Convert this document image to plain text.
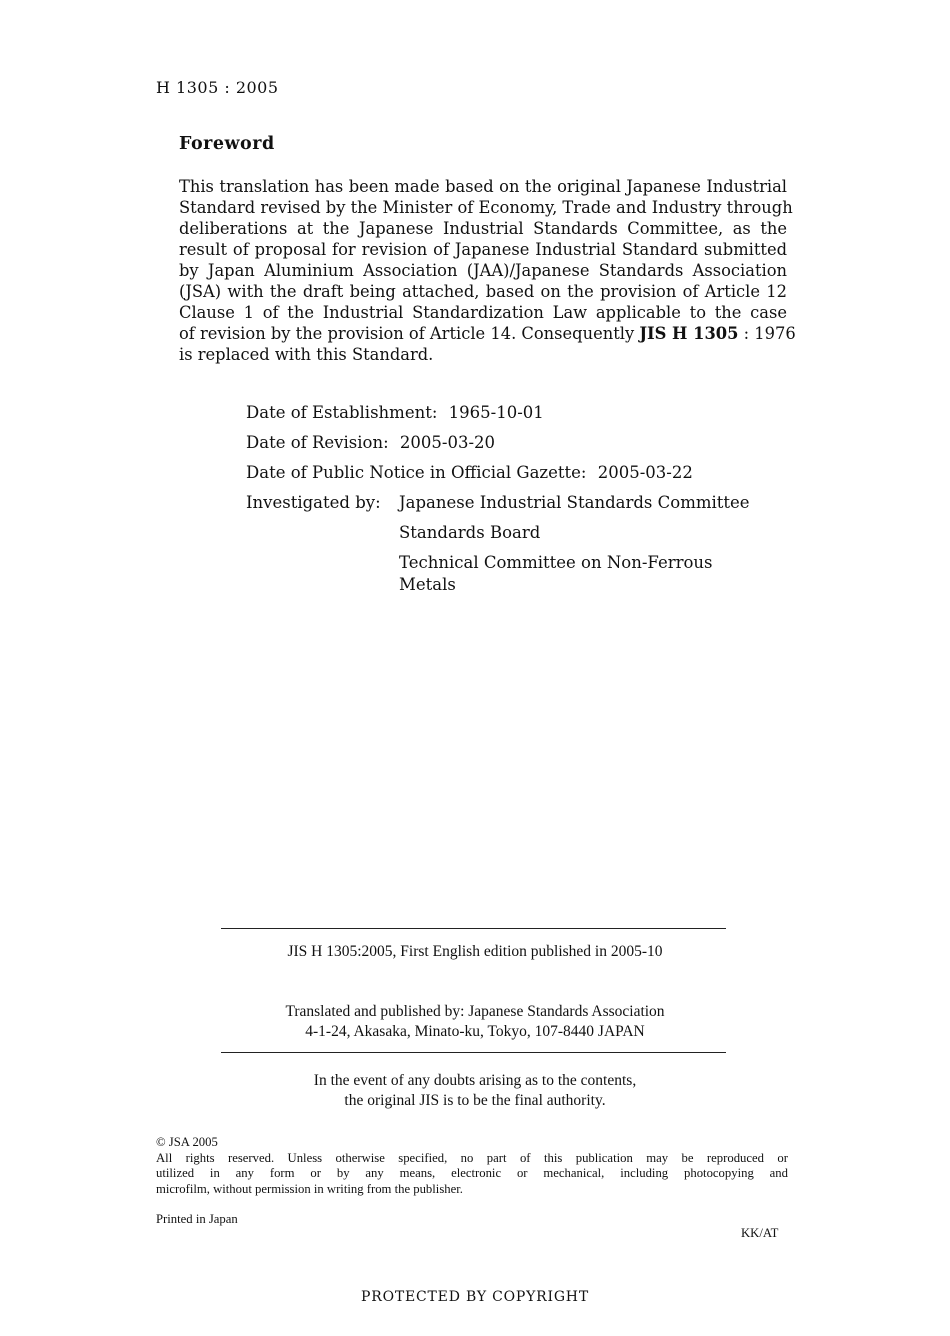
H 1305 : 2005
Foreword
This translation has been made based on the original Japanese Industrial
Standard revised by the Minister of Economy, Trade and Industry through
deliberations at the Japanese Industrial Standards Committee, as the
result of proposal for revision of Japanese Industrial Standard submitted
by Japan Aluminium Association (JAA)/Japanese Standards Association
(JSA) with the draft being attached, based on the provision of Article 12
Clause 1 of the Industrial Standardization Law applicable to the case
of revision by the provision of Article 14. Consequently JIS H 1305 : 1976
is replaced with this Standard.
Date of Establishment: 1965-10-01
Date of Revision: 2005-03-20
Date of Public Notice in Official Gazette: 2005-03-22
Investigated by: Japanese Industrial Standards Committee
Standards Board
Technical Committee on Non-Ferrous
Metals
JIS H 1305:2005, First English edition published in 2005-10
Translated and published by: Japanese Standards Association
4-1-24, Akasaka, Minato-ku, Tokyo, 107-8440 JAPAN
In the event of any doubts arising as to the contents,
the original JIS is to be the final authority.
© JSA 2005
All rights reserved. Unless otherwise specified, no part of this publication may be reproduced or
utilized in any form or by any means, electronic or mechanical, including photocopying and
microfilm, without permission in writing from the publisher.
Printed in Japan
KK/AT
PROTECTED BY COPYRIGHT
